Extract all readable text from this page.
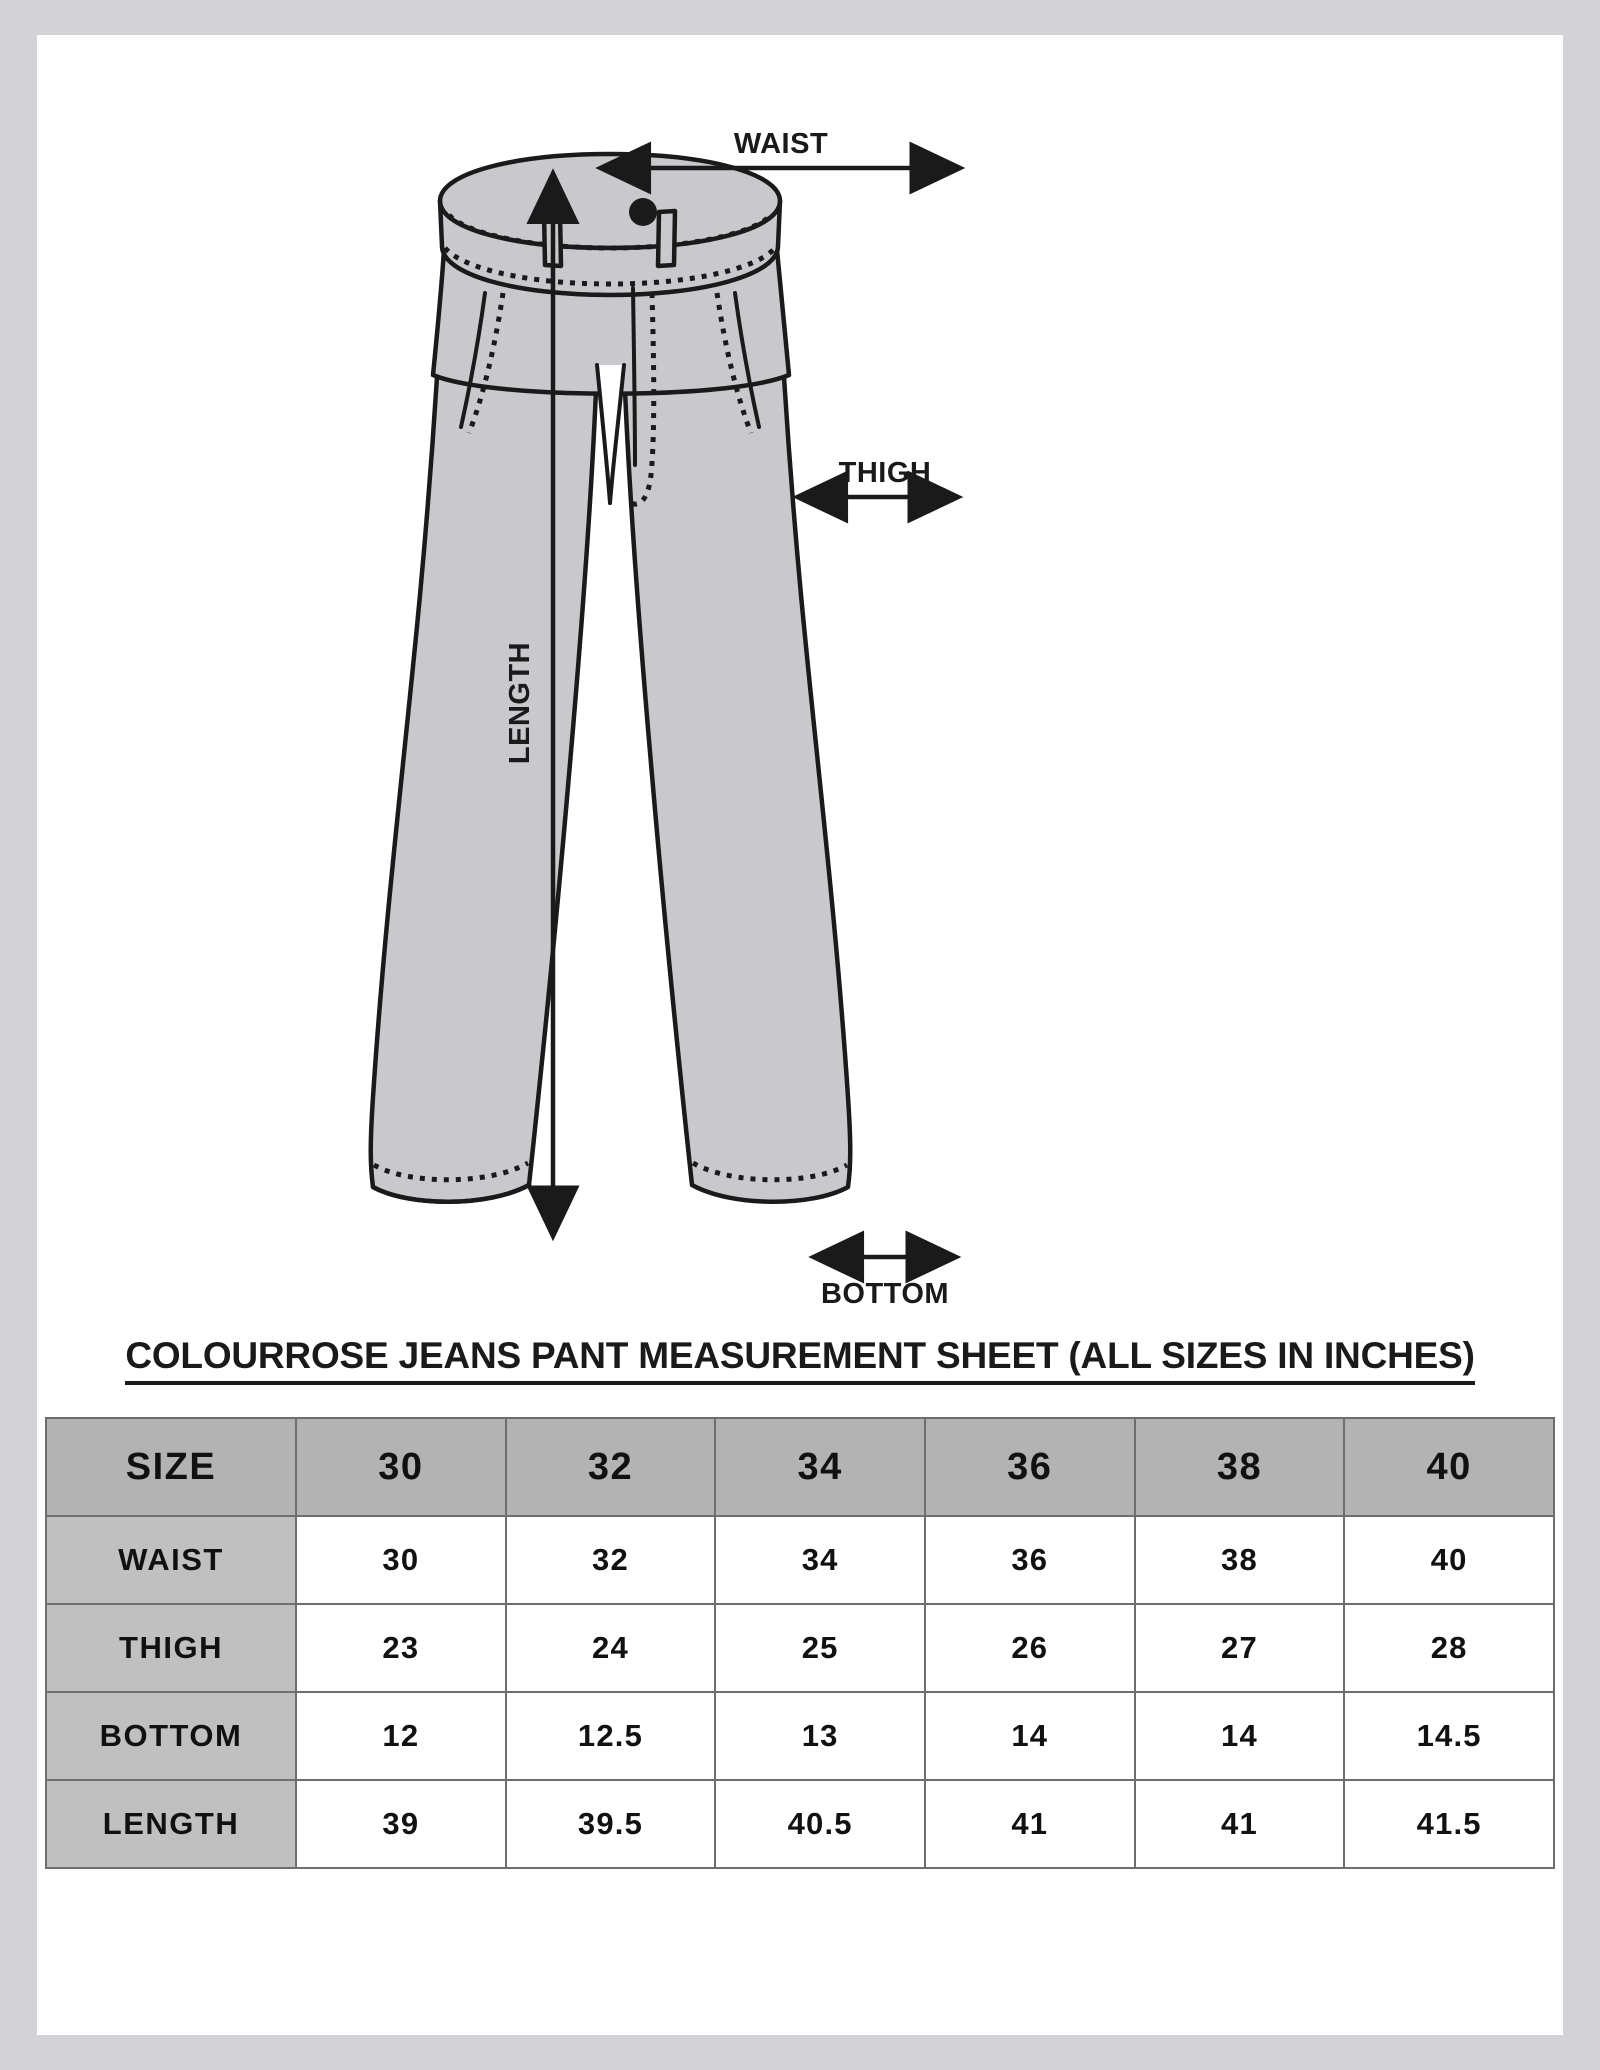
WAIST
THIGH
LENGTH
BOTTOM
COLOURROSE JEANS PANT MEASUREMENT SHEET (ALL SIZES IN INCHES)
SIZE	30	32	34	36	38	40
WAIST	30	32	34	36	38	40
THIGH	23	24	25	26	27	28
BOTTOM	12	12.5	13	14	14	14.5
LENGTH	39	39.5	40.5	41	41	41.5
